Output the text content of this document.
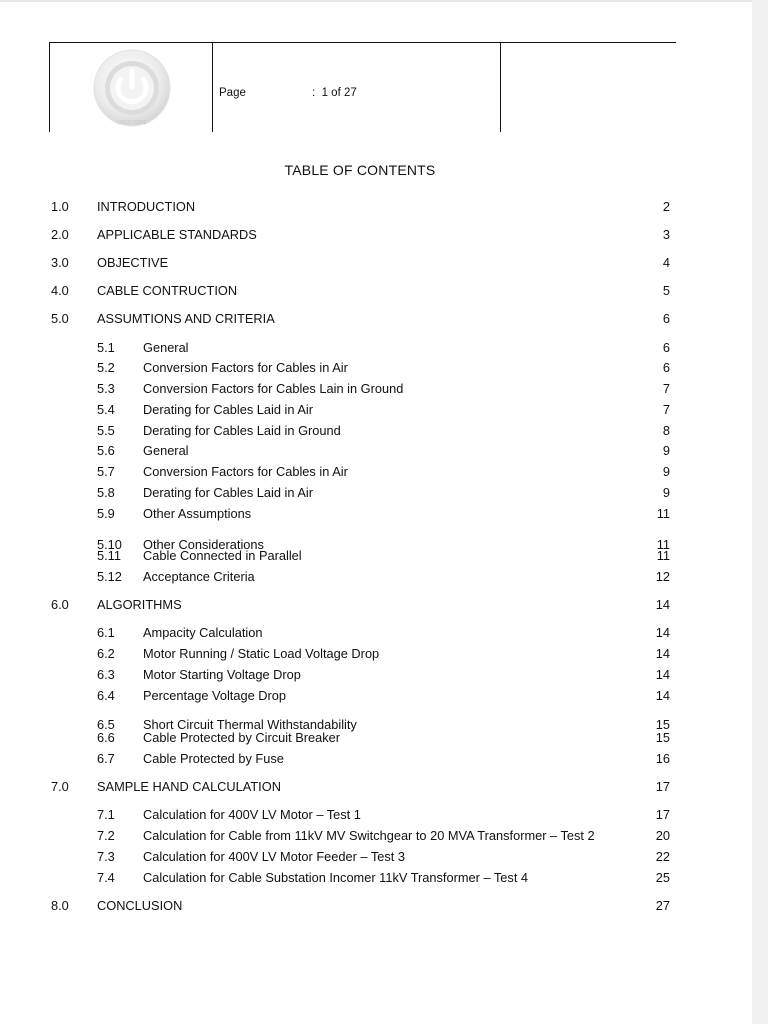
LOGO HERE
Page	:  1 of 27
TABLE OF CONTENTS
1.0 INTRODUCTION	2
2.0 APPLICABLE STANDARDS	3
3.0 OBJECTIVE	4
4.0 CABLE CONTRUCTION	5
5.0 ASSUMTIONS AND CRITERIA	6
5.1 General	6
5.2 Conversion Factors for Cables in Air	6
5.3 Conversion Factors for Cables Lain in Ground	7
5.4 Derating for Cables Laid in Air	7
5.5 Derating for Cables Laid in Ground	8
5.6 General	9
5.7 Conversion Factors for Cables in Air	9
5.8 Derating for Cables Laid in Air	9
5.9 Other Assumptions	11
5.10 Other Considerations	11
5.11 Cable Connected in Parallel	11
5.12 Acceptance Criteria	12
6.0 ALGORITHMS	14
6.1 Ampacity Calculation	14
6.2 Motor Running / Static Load Voltage Drop	14
6.3 Motor Starting Voltage Drop	14
6.4 Percentage Voltage Drop	14
6.5 Short Circuit Thermal Withstandability	15
6.6 Cable Protected by Circuit Breaker	15
6.7 Cable Protected by Fuse	16
7.0 SAMPLE HAND CALCULATION	17
7.1 Calculation for 400V LV Motor – Test 1	17
7.2 Calculation for Cable from 11kV MV Switchgear to 20 MVA Transformer – Test 2	20
7.3 Calculation for 400V LV Motor Feeder – Test 3	22
7.4 Calculation for Cable Substation Incomer 11kV Transformer – Test 4	25
8.0 CONCLUSION	27
